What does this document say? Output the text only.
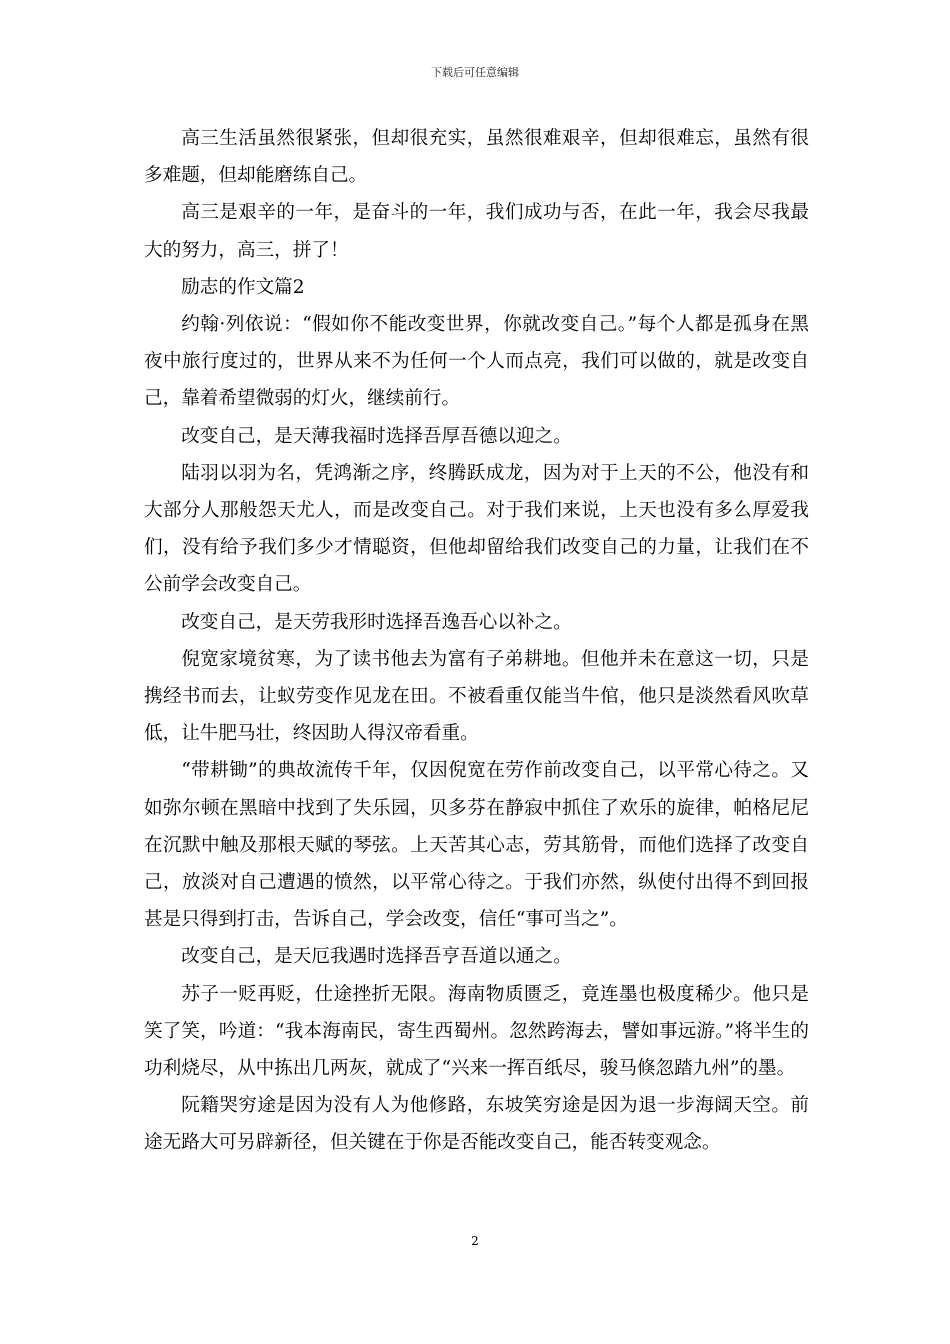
下载后可任意编辑

高三生活虽然很紧张，但却很充实，虽然很难艰辛，但却很难忘，虽然有很多难题，但却能磨练自己。

高三是艰辛的一年，是奋斗的一年，我们成功与否，在此一年，我会尽我最大的努力，高三，拼了！

励志的作文篇2

约翰·列依说：“假如你不能改变世界，你就改变自己。”每个人都是孤身在黑夜中旅行度过的，世界从来不为任何一个人而点亮，我们可以做的，就是改变自己，靠着希望微弱的灯火，继续前行。

改变自己，是天薄我福时选择吾厚吾德以迎之。

陆羽以羽为名，凭鸿渐之序，终腾跃成龙，因为对于上天的不公，他没有和大部分人那般怨天尤人，而是改变自己。对于我们来说，上天也没有多么厚爱我们，没有给予我们多少才情聪资，但他却留给我们改变自己的力量，让我们在不公前学会改变自己。

改变自己，是天劳我形时选择吾逸吾心以补之。

倪宽家境贫寒，为了读书他去为富有子弟耕地。但他并未在意这一切，只是携经书而去，让蚁劳变作见龙在田。不被看重仅能当牛倌，他只是淡然看风吹草低，让牛肥马壮，终因助人得汉帝看重。

“带耕锄”的典故流传千年，仅因倪宽在劳作前改变自己，以平常心待之。又如弥尔顿在黑暗中找到了失乐园，贝多芬在静寂中抓住了欢乐的旋律，帕格尼尼在沉默中触及那根天赋的琴弦。上天苦其心志，劳其筋骨，而他们选择了改变自己，放淡对自己遭遇的愤然，以平常心待之。于我们亦然，纵使付出得不到回报甚是只得到打击，告诉自己，学会改变，信任“事可当之”。

改变自己，是天厄我遇时选择吾亨吾道以通之。

苏子一贬再贬，仕途挫折无限。海南物质匮乏，竟连墨也极度稀少。他只是笑了笑，吟道：“我本海南民，寄生西蜀州。忽然跨海去，譬如事远游。”将半生的功利烧尽，从中拣出几两灰，就成了“兴来一挥百纸尽，骏马倏忽踏九州”的墨。

阮籍哭穷途是因为没有人为他修路，东坡笑穷途是因为退一步海阔天空。前途无路大可另辟新径，但关键在于你是否能改变自己，能否转变观念。

2
